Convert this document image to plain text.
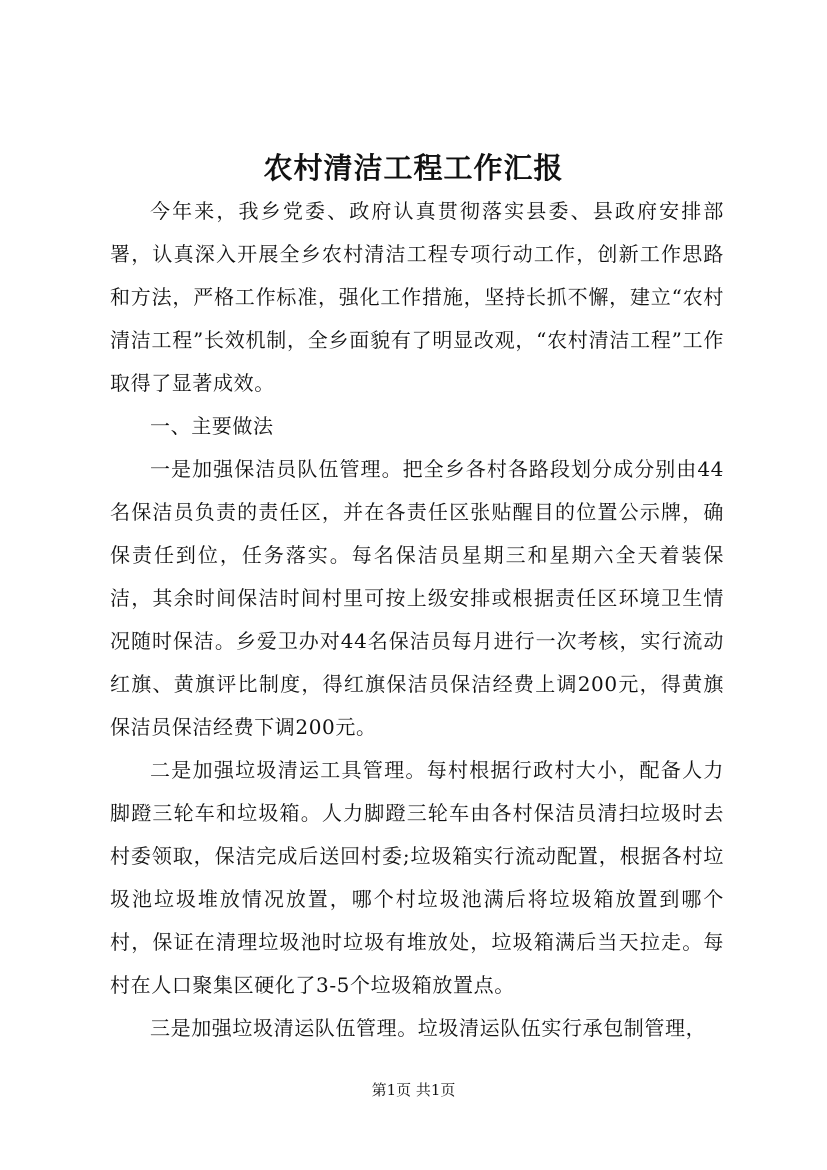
农村清洁工程工作汇报

今年来，我乡党委、政府认真贯彻落实县委、县政府安排部署，认真深入开展全乡农村清洁工程专项行动工作，创新工作思路和方法，严格工作标准，强化工作措施，坚持长抓不懈，建立“农村清洁工程”长效机制，全乡面貌有了明显改观，“农村清洁工程”工作取得了显著成效。

一、主要做法

一是加强保洁员队伍管理。把全乡各村各路段划分成分别由44名保洁员负责的责任区，并在各责任区张贴醒目的位置公示牌，确保责任到位，任务落实。每名保洁员星期三和星期六全天着装保洁，其余时间保洁时间村里可按上级安排或根据责任区环境卫生情况随时保洁。乡爱卫办对44名保洁员每月进行一次考核，实行流动红旗、黄旗评比制度，得红旗保洁员保洁经费上调200元，得黄旗保洁员保洁经费下调200元。

二是加强垃圾清运工具管理。每村根据行政村大小，配备人力脚蹬三轮车和垃圾箱。人力脚蹬三轮车由各村保洁员清扫垃圾时去村委领取，保洁完成后送回村委;垃圾箱实行流动配置，根据各村垃圾池垃圾堆放情况放置，哪个村垃圾池满后将垃圾箱放置到哪个村，保证在清理垃圾池时垃圾有堆放处，垃圾箱满后当天拉走。每村在人口聚集区硬化了3-5个垃圾箱放置点。

三是加强垃圾清运队伍管理。垃圾清运队伍实行承包制管理，

第1页 共1页
